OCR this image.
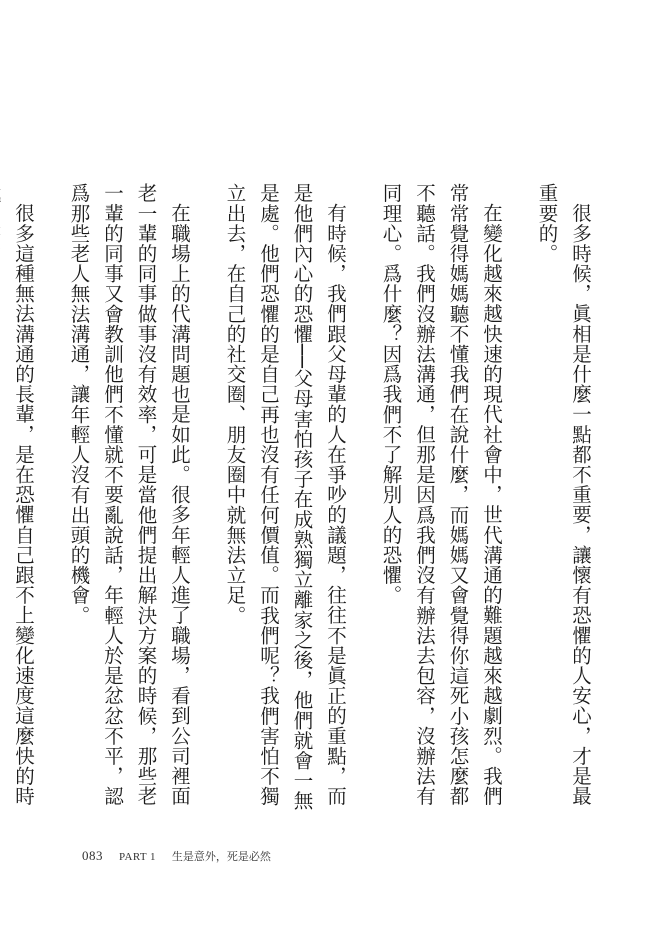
很多時候，眞相是什麼一點都不重要，讓懷有恐懼的人安心，才是最重要的。

在變化越來越快速的現代社會中，世代溝通的難題越來越劇烈。我們常常覺得媽媽聽不懂我們在說什麼，而媽媽又會覺得你這死小孩怎麼都不聽話。我們沒辦法溝通，但那是因爲我們沒有辦法去包容，沒辦法有同理心。爲什麼？因爲我們不了解別人的恐懼。

有時候，我們跟父母輩的人在爭吵的議題，往往不是眞正的重點，而是他們內心的恐懼──父母害怕孩子在成熟獨立離家之後，他們就會一無是處。他們恐懼的是自己再也沒有任何價值。而我們呢？我們害怕不獨立出去，在自己的社交圈、朋友圈中就無法立足。

在職場上的代溝問題也是如此。很多年輕人進了職場，看到公司裡面老一輩的同事做事沒有效率，可是當他們提出解決方案的時候，那些老一輩的同事又會教訓他們不懂就不要亂說話，年輕人於是忿忿不平，認爲那些老人無法溝通，讓年輕人沒有出頭的機會。

很多這種無法溝通的長輩，是在恐懼自己跟不上變化速度這麼快的時

083 PART 1 生是意外，死是必然
